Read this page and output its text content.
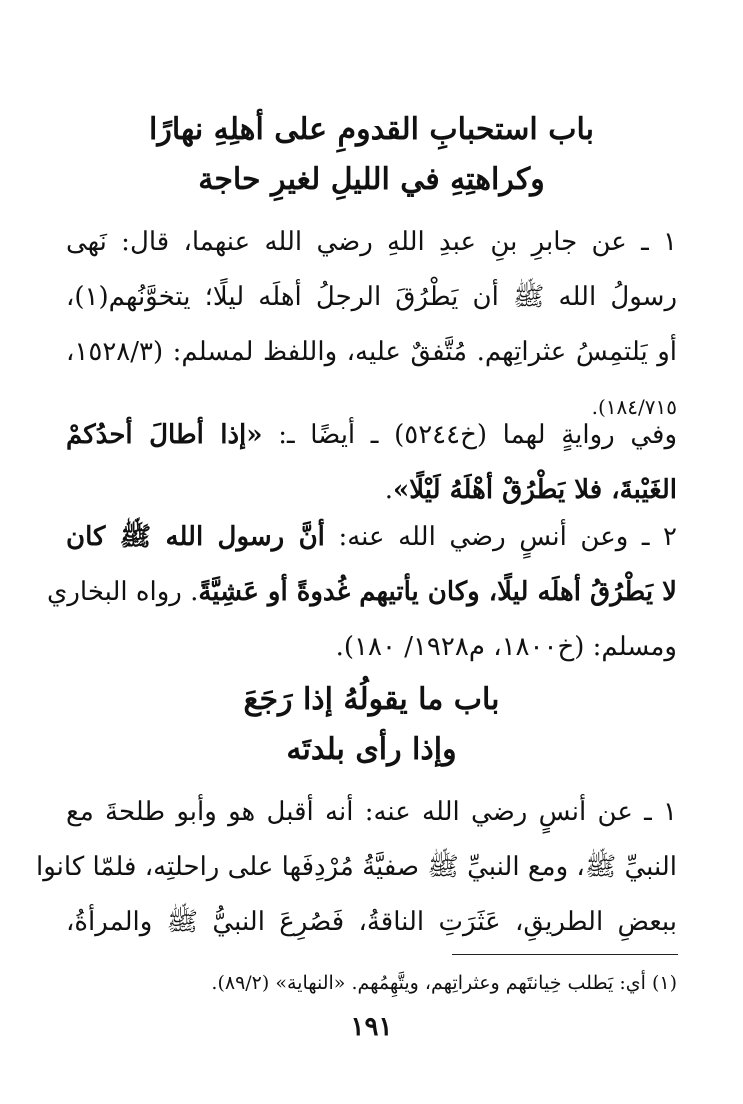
باب استحبابِ القدومِ على أهلِهِ نهارًا
وكراهتِهِ في الليلِ لغيرِ حاجة
١ ـ عن جابرِ بنِ عبدِ اللهِ رضي الله عنهما، قال: نَهى
رسولُ الله ﷺ أن يَطْرُقَ الرجلُ أهلَه ليلًا؛ يتخوَّنُهم(١)،
أو يَلتمِسُ عثراتِهم. مُتَّفقٌ عليه، واللفظ لمسلم: (١٥٢٨/٣،
١٨٤/٧١٥).
وفي روايةٍ لهما (خ٥٢٤٤) ـ أيضًا ـ: «إذا أطالَ أحدُكمْ
الغَيْبةَ، فلا يَطْرُقْ أهْلَهُ لَيْلًا».
٢ ـ وعن أنسٍ رضي الله عنه: أنَّ رسول الله ﷺ كان
لا يَطْرُقُ أهلَه ليلًا، وكان يأتيهم غُدوةً أو عَشِيَّةً. رواه البخاري
ومسلم: (خ١٨٠٠، م١٩٢٨/ ١٨٠).
باب ما يقولُهُ إذا رَجَعَ
وإذا رأى بلدتَه
١ ـ عن أنسٍ رضي الله عنه: أنه أقبل هو وأبو طلحةَ مع
النبيِّ ﷺ، ومع النبيِّ ﷺ صفيَّةُ مُرْدِفَها على راحلتِه، فلمّا كانوا
ببعضِ الطريقِ، عَثَرَتِ الناقةُ، فَصُرِعَ النبيُّ ﷺ والمرأةُ،
(١) أي: يَطلب خِيانتَهم وعثراتِهم، ويتَّهِمُهم. «النهاية» (٨٩/٢).
١٩١
